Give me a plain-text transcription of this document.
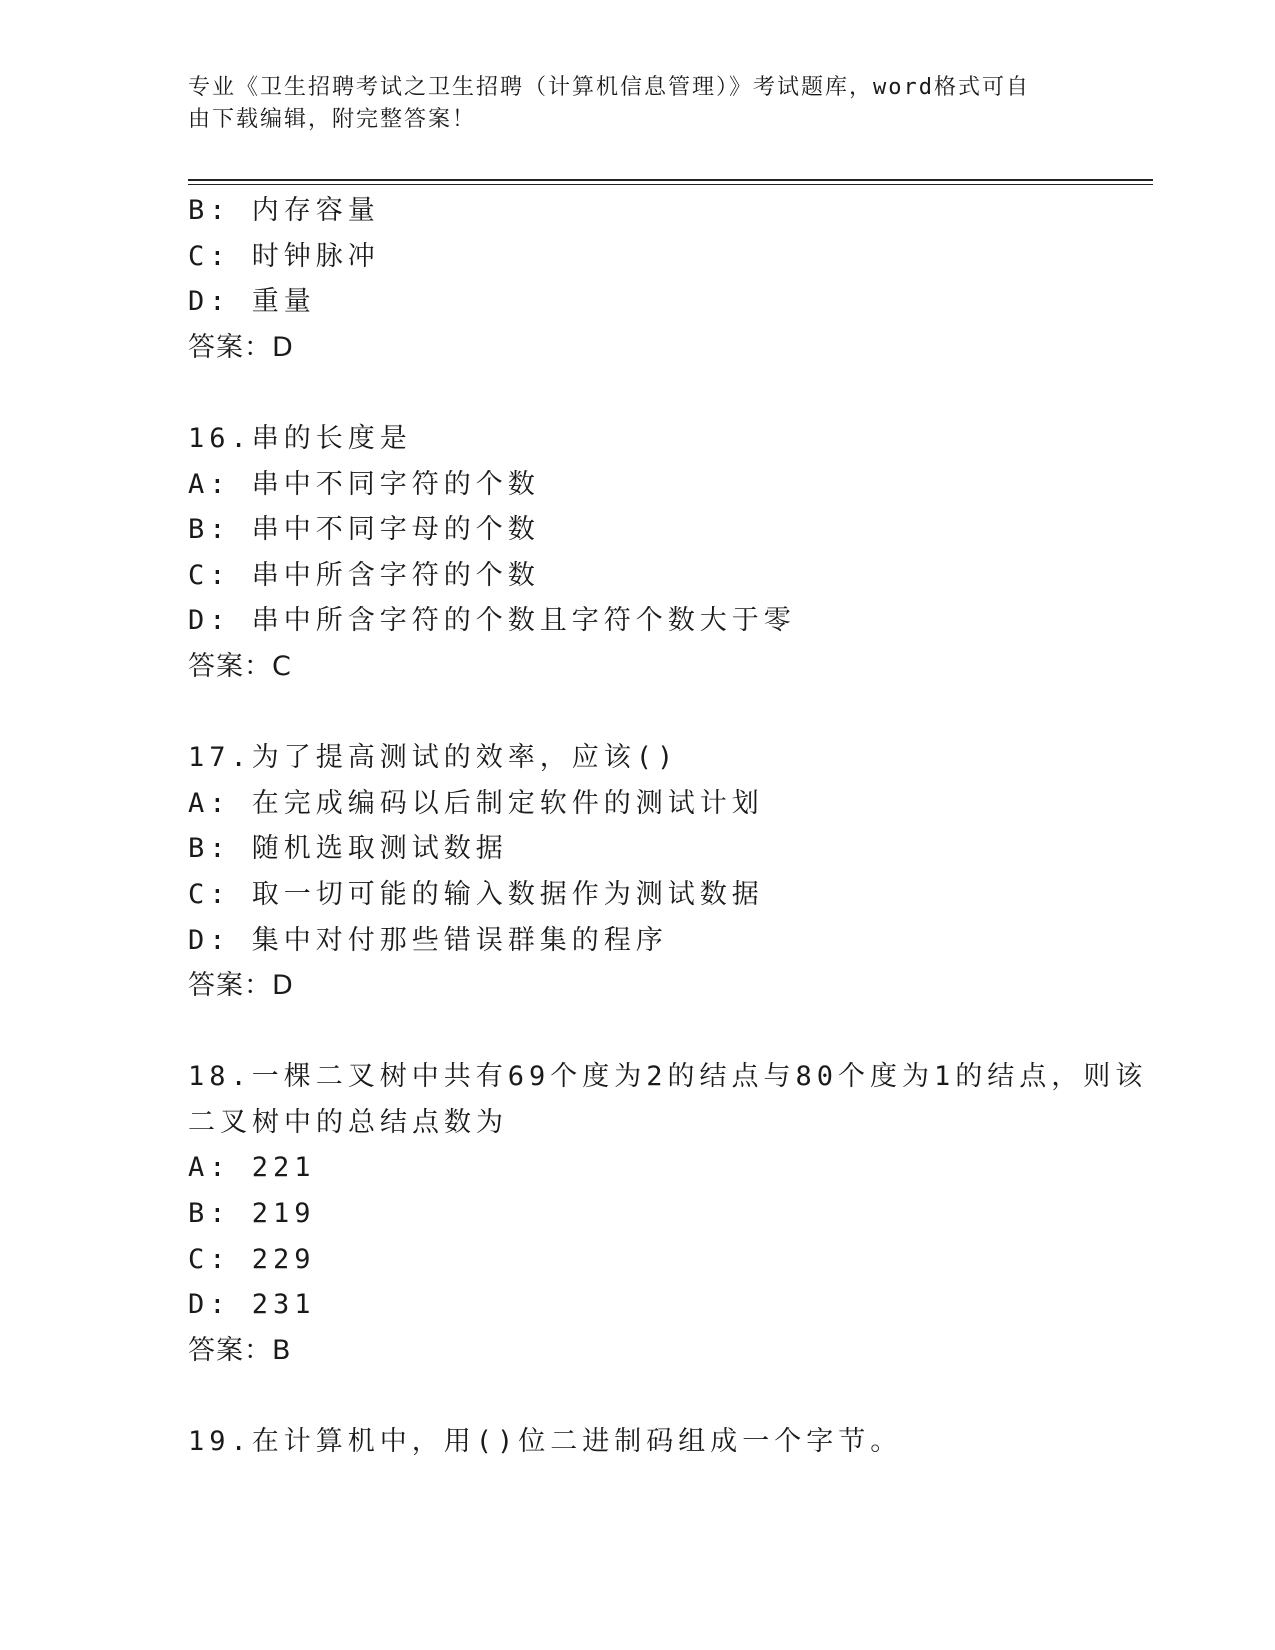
专业《卫生招聘考试之卫生招聘（计算机信息管理）》考试题库，word格式可自
由下载编辑，附完整答案！
B: 内存容量
C: 时钟脉冲
D: 重量
答案：D
16.串的长度是
A: 串中不同字符的个数
B: 串中不同字母的个数
C: 串中所含字符的个数
D: 串中所含字符的个数且字符个数大于零
答案：C
17.为了提高测试的效率，应该()
A: 在完成编码以后制定软件的测试计划
B: 随机选取测试数据
C: 取一切可能的输入数据作为测试数据
D: 集中对付那些错误群集的程序
答案：D
18.一棵二叉树中共有69个度为2的结点与80个度为1的结点，则该
二叉树中的总结点数为
A: 221
B: 219
C: 229
D: 231
答案：B
19.在计算机中，用()位二进制码组成一个字节。
